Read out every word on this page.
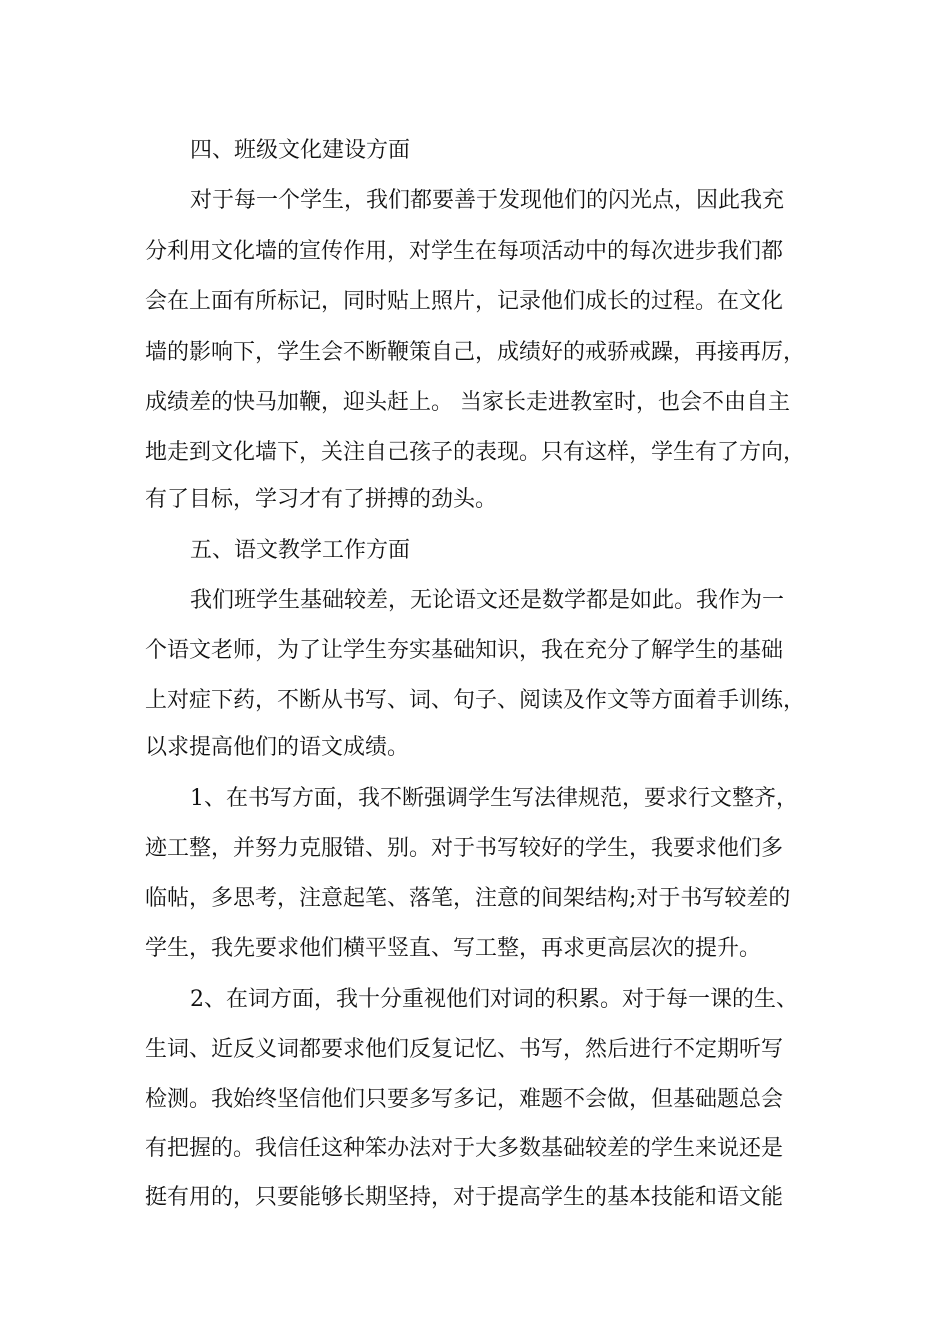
四、班级文化建设方面
对于每一个学生，我们都要善于发现他们的闪光点，因此我充
分利用文化墙的宣传作用，对学生在每项活动中的每次进步我们都
会在上面有所标记，同时贴上照片，记录他们成长的过程。在文化
墙的影响下，学生会不断鞭策自己，成绩好的戒骄戒躁，再接再厉，
成绩差的快马加鞭，迎头赶上。 当家长走进教室时，也会不由自主
地走到文化墙下，关注自己孩子的表现。只有这样，学生有了方向，
有了目标，学习才有了拼搏的劲头。
五、语文教学工作方面
我们班学生基础较差，无论语文还是数学都是如此。我作为一
个语文老师，为了让学生夯实基础知识，我在充分了解学生的基础
上对症下药，不断从书写、词、句子、阅读及作文等方面着手训练，
以求提高他们的语文成绩。
1、在书写方面，我不断强调学生写法律规范，要求行文整齐，
迹工整，并努力克服错、别。对于书写较好的学生，我要求他们多
临帖，多思考，注意起笔、落笔，注意的间架结构;对于书写较差的
学生，我先要求他们横平竖直、写工整，再求更高层次的提升。
2、在词方面，我十分重视他们对词的积累。对于每一课的生、
生词、近反义词都要求他们反复记忆、书写，然后进行不定期听写
检测。我始终坚信他们只要多写多记，难题不会做，但基础题总会
有把握的。我信任这种笨办法对于大多数基础较差的学生来说还是
挺有用的，只要能够长期坚持，对于提高学生的基本技能和语文能
